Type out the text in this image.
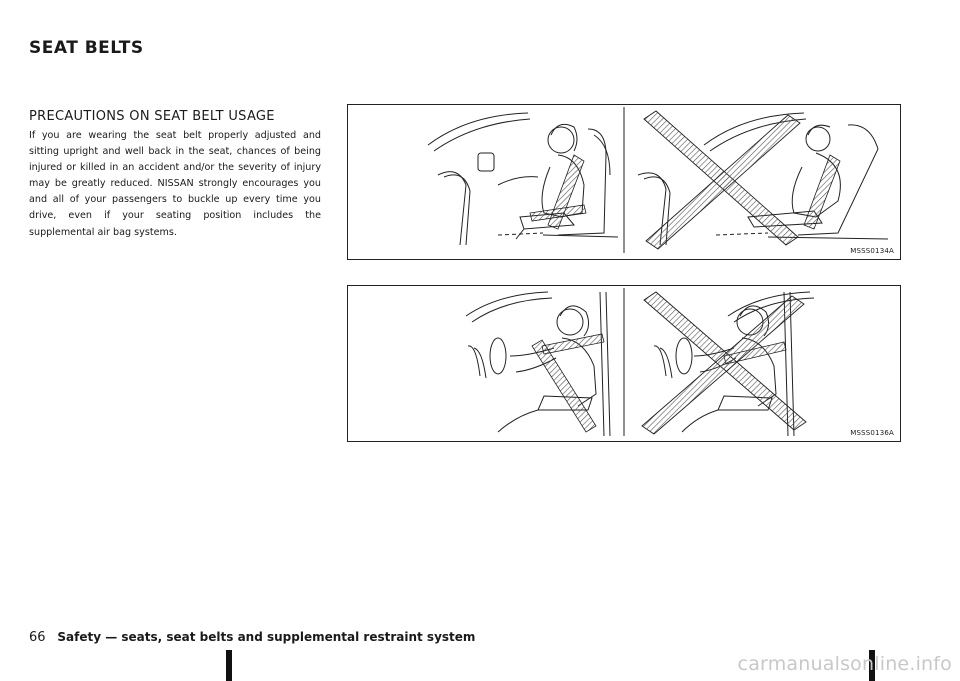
SEAT BELTS
PRECAUTIONS ON SEAT BELT USAGE

If you are wearing the seat belt properly adjusted and sitting upright and well back in the seat, chances of being injured or killed in an accident and/or the severity of injury may be greatly reduced. NISSAN strongly encourages you and all of your passengers to buckle up every time you drive, even if your seating position includes the supplemental air bag systems.

MSSS0134A
MSSS0136A
66 Safety — seats, seat belts and supplemental restraint system
carmanualsonline.info
